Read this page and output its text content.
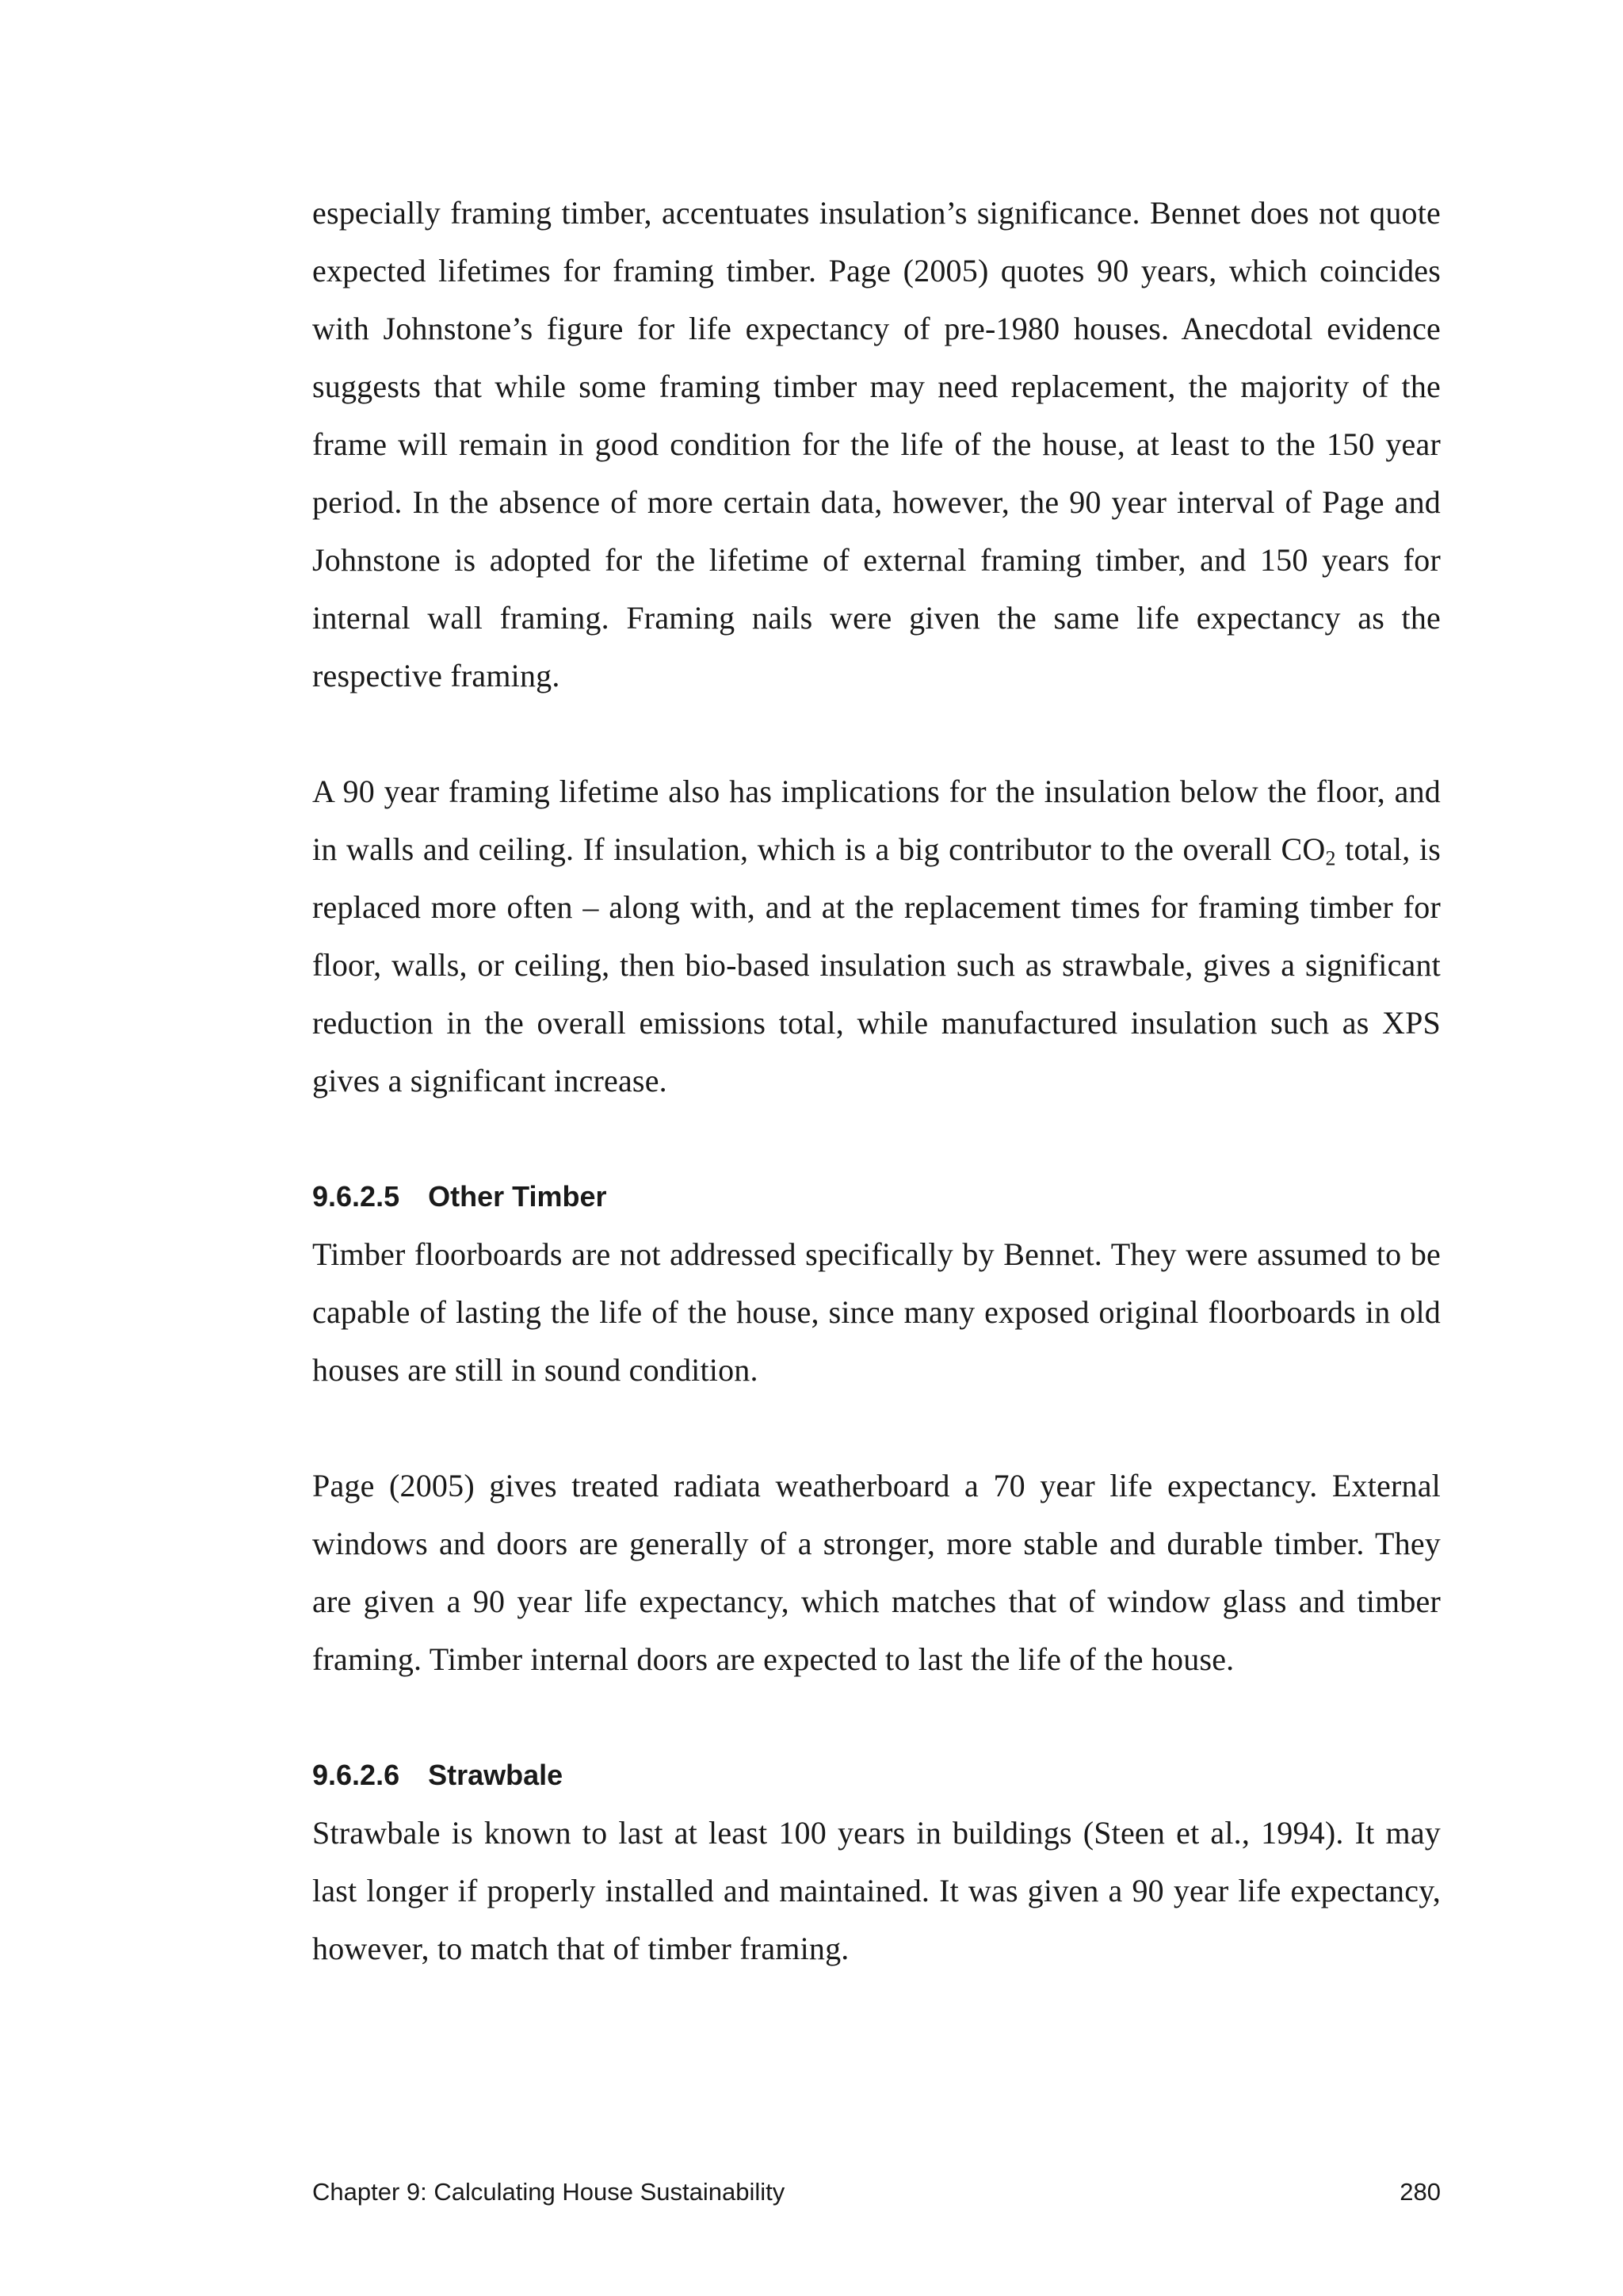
especially framing timber, accentuates insulation’s significance. Bennet does not quote expected lifetimes for framing timber. Page (2005) quotes 90 years, which coincides with Johnstone’s figure for life expectancy of pre-1980 houses. Anecdotal evidence suggests that while some framing timber may need replacement, the majority of the frame will remain in good condition for the life of the house, at least to the 150 year period. In the absence of more certain data, however, the 90 year interval of Page and Johnstone is adopted for the lifetime of external framing timber, and 150 years for internal wall framing. Framing nails were given the same life expectancy as the respective framing.

A 90 year framing lifetime also has implications for the insulation below the floor, and in walls and ceiling. If insulation, which is a big contributor to the overall $CO_2$ total, is replaced more often – along with, and at the replacement times for framing timber for floor, walls, or ceiling, then bio-based insulation such as strawbale, gives a significant reduction in the overall emissions total, while manufactured insulation such as XPS gives a significant increase.

9.6.2.5 Other Timber

Timber floorboards are not addressed specifically by Bennet. They were assumed to be capable of lasting the life of the house, since many exposed original floorboards in old houses are still in sound condition.

Page (2005) gives treated radiata weatherboard a 70 year life expectancy. External windows and doors are generally of a stronger, more stable and durable timber. They are given a 90 year life expectancy, which matches that of window glass and timber framing. Timber internal doors are expected to last the life of the house.

9.6.2.6 Strawbale

Strawbale is known to last at least 100 years in buildings (Steen et al., 1994). It may last longer if properly installed and maintained. It was given a 90 year life expectancy, however, to match that of timber framing.

Chapter 9: Calculating House Sustainability	280
